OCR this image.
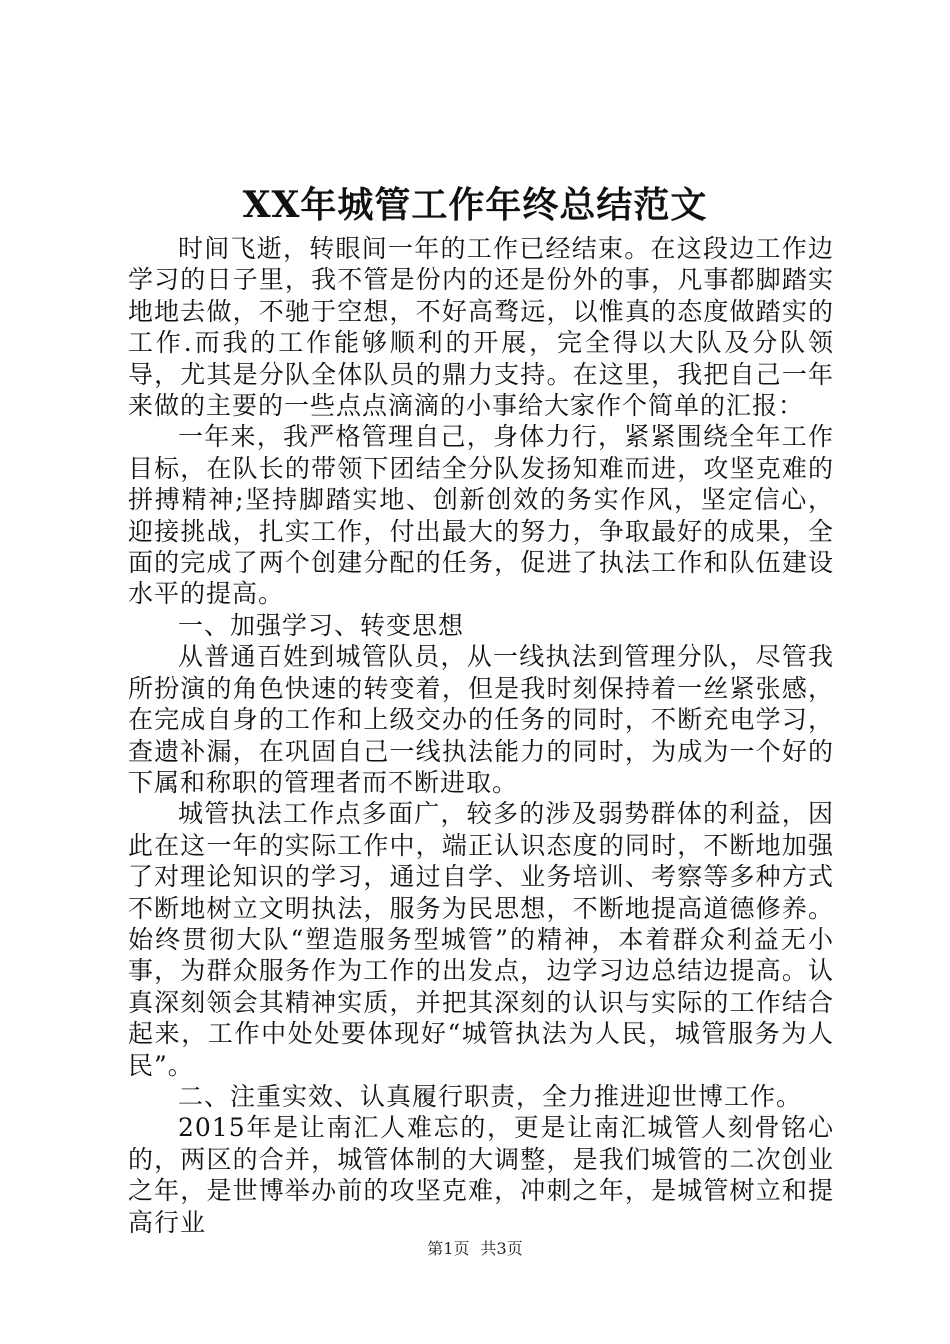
XX年城管工作年终总结范文

时间飞逝，转眼间一年的工作已经结束。在这段边工作边学习的日子里，我不管是份内的还是份外的事，凡事都脚踏实地地去做，不驰于空想，不好高骛远，以惟真的态度做踏实的工作.而我的工作能够顺利的开展，完全得以大队及分队领导，尤其是分队全体队员的鼎力支持。在这里，我把自己一年来做的主要的一些点点滴滴的小事给大家作个简单的汇报：

一年来，我严格管理自己，身体力行，紧紧围绕全年工作目标，在队长的带领下团结全分队发扬知难而进，攻坚克难的拼搏精神;坚持脚踏实地、创新创效的务实作风，坚定信心，迎接挑战，扎实工作，付出最大的努力，争取最好的成果，全面的完成了两个创建分配的任务，促进了执法工作和队伍建设水平的提高。

一、加强学习、转变思想

从普通百姓到城管队员，从一线执法到管理分队，尽管我所扮演的角色快速的转变着，但是我时刻保持着一丝紧张感，在完成自身的工作和上级交办的任务的同时，不断充电学习，查遗补漏，在巩固自己一线执法能力的同时，为成为一个好的下属和称职的管理者而不断进取。

城管执法工作点多面广，较多的涉及弱势群体的利益，因此在这一年的实际工作中，端正认识态度的同时，不断地加强了对理论知识的学习，通过自学、业务培训、考察等多种方式不断地树立文明执法，服务为民思想，不断地提高道德修养。始终贯彻大队“塑造服务型城管”的精神，本着群众利益无小事，为群众服务作为工作的出发点，边学习边总结边提高。认真深刻领会其精神实质，并把其深刻的认识与实际的工作结合起来，工作中处处要体现好“城管执法为人民，城管服务为人民”。

二、注重实效、认真履行职责，全力推进迎世博工作。

2015年是让南汇人难忘的，更是让南汇城管人刻骨铭心的，两区的合并，城管体制的大调整，是我们城管的二次创业之年，是世博举办前的攻坚克难，冲刺之年，是城管树立和提高行业

第1页 共3页
